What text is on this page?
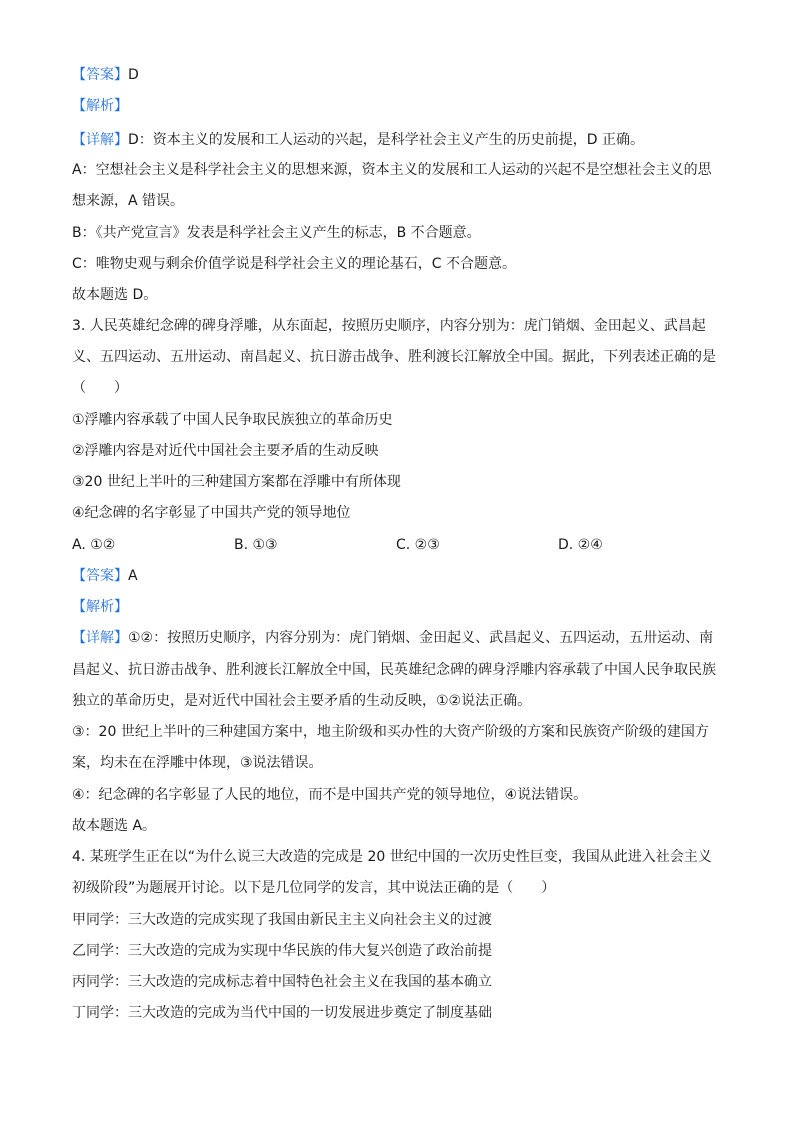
【答案】D
【解析】
【详解】D：资本主义的发展和工人运动的兴起，是科学社会主义产生的历史前提，D 正确。
A：空想社会主义是科学社会主义的思想来源，资本主义的发展和工人运动的兴起不是空想社会主义的思
想来源，A 错误。
B：《共产党宣言》发表是科学社会主义产生的标志，B 不合题意。
C：唯物史观与剩余价值学说是科学社会主义的理论基石，C 不合题意。
故本题选 D。
3. 人民英雄纪念碑的碑身浮雕，从东面起，按照历史顺序，内容分别为：虎门销烟、金田起义、武昌起
义、五四运动、五卅运动、南昌起义、抗日游击战争、胜利渡长江解放全中国。据此，下列表述正确的是
（　　）
①浮雕内容承载了中国人民争取民族独立的革命历史
②浮雕内容是对近代中国社会主要矛盾的生动反映
③20 世纪上半叶的三种建国方案都在浮雕中有所体现
④纪念碑的名字彰显了中国共产党的领导地位
A. ①②	B. ①③	C. ②③	D. ②④
【答案】A
【解析】
【详解】①②：按照历史顺序，内容分别为：虎门销烟、金田起义、武昌起义、五四运动，五卅运动、南
昌起义、抗日游击战争、胜利渡长江解放全中国，民英雄纪念碑的碑身浮雕内容承载了中国人民争取民族
独立的革命历史，是对近代中国社会主要矛盾的生动反映，①②说法正确。
③：20 世纪上半叶的三种建国方案中，地主阶级和买办性的大资产阶级的方案和民族资产阶级的建国方
案，均未在在浮雕中体现，③说法错误。
④：纪念碑的名字彰显了人民的地位，而不是中国共产党的领导地位，④说法错误。
故本题选 A。
4. 某班学生正在以“为什么说三大改造的完成是 20 世纪中国的一次历史性巨变，我国从此进入社会主义
初级阶段”为题展开讨论。以下是几位同学的发言，其中说法正确的是（　　）
甲同学：三大改造的完成实现了我国由新民主主义向社会主义的过渡
乙同学：三大改造的完成为实现中华民族的伟大复兴创造了政治前提
丙同学：三大改造的完成标志着中国特色社会主义在我国的基本确立
丁同学：三大改造的完成为当代中国的一切发展进步奠定了制度基础
